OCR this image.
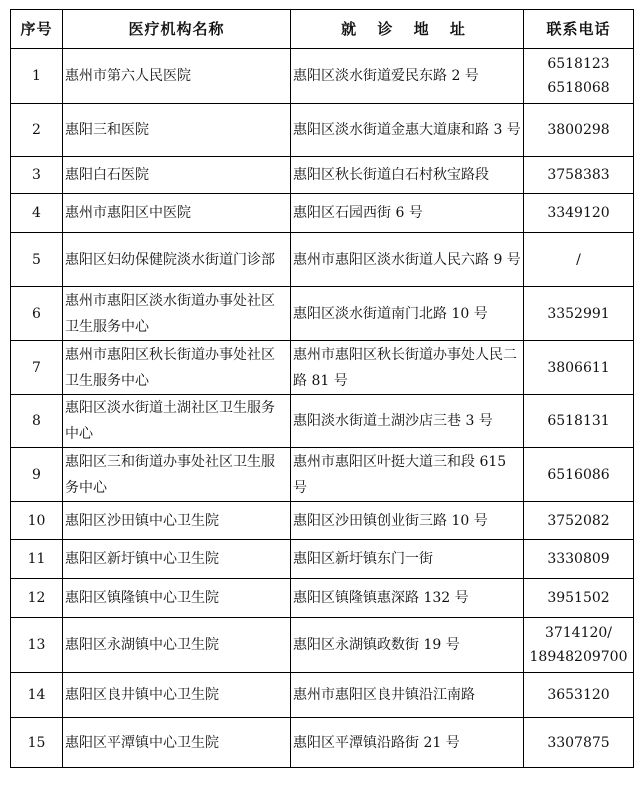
序号	医疗机构名称	就 诊 地 址	联系电话
1	惠州市第六人民医院	惠阳区淡水街道爱民东路 2 号	6518123
6518068

2	惠阳三和医院	惠阳区淡水街道金惠大道康和路 3 号	3800298

3	惠阳白石医院	惠阳区秋长街道白石村秋宝路段	3758383

4	惠州市惠阳区中医院	惠阳区石园西街 6 号	3349120

5	惠阳区妇幼保健院淡水街道门诊部	惠州市惠阳区淡水街道人民六路 9 号	/

6	惠州市惠阳区淡水街道办事处社区卫生服务中心	惠阳区淡水街道南门北路 10 号	3352991

7	惠州市惠阳区秋长街道办事处社区卫生服务中心	惠州市惠阳区秋长街道办事处人民二路 81 号	3806611

8	惠阳区淡水街道土湖社区卫生服务中心	惠阳淡水街道土湖沙店三巷 3 号	6518131

9	惠阳区三和街道办事处社区卫生服务中心	惠州市惠阳区叶挺大道三和段 615 号	6516086

10	惠阳区沙田镇中心卫生院	惠阳区沙田镇创业街三路 10 号	3752082

11	惠阳区新圩镇中心卫生院	惠阳区新圩镇东门一街	3330809

12	惠阳区镇隆镇中心卫生院	惠阳区镇隆镇惠深路 132 号	3951502

13	惠阳区永湖镇中心卫生院	惠阳区永湖镇政数街 19 号	3714120/
18948209700

14	惠阳区良井镇中心卫生院	惠州市惠阳区良井镇沿江南路	3653120

15	惠阳区平潭镇中心卫生院	惠阳区平潭镇沿路街 21 号	3307875
